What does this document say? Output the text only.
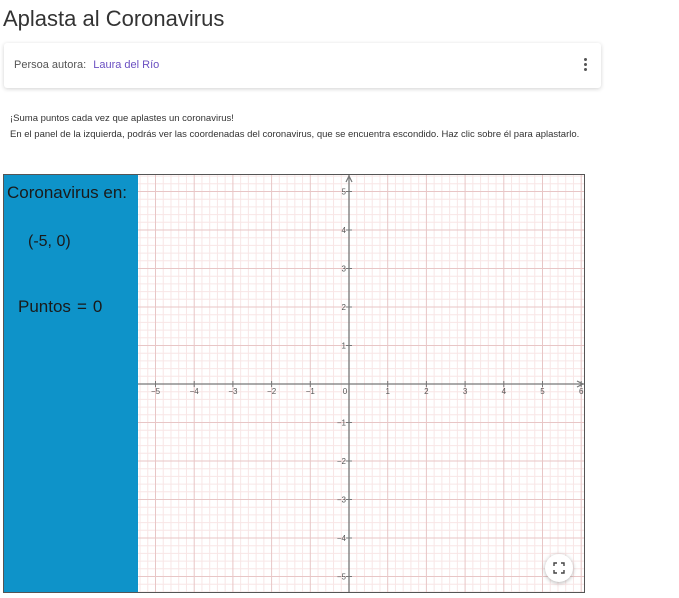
Aplasta al Coronavirus
Persoa autora: Laura del Río
¡Suma puntos cada vez que aplastes un coronavirus!
En el panel de la izquierda, podrás ver las coordenadas del coronavirus, que se encuentra escondido. Haz clic sobre él para aplastarlo.
Coronavirus en:
(-5, 0)
Puntos = 0
−5	−4	−3	−2	−1	0	1	2	3	4	5	6
−5
−4
−3
−2
−1
1
2
3
4
5
